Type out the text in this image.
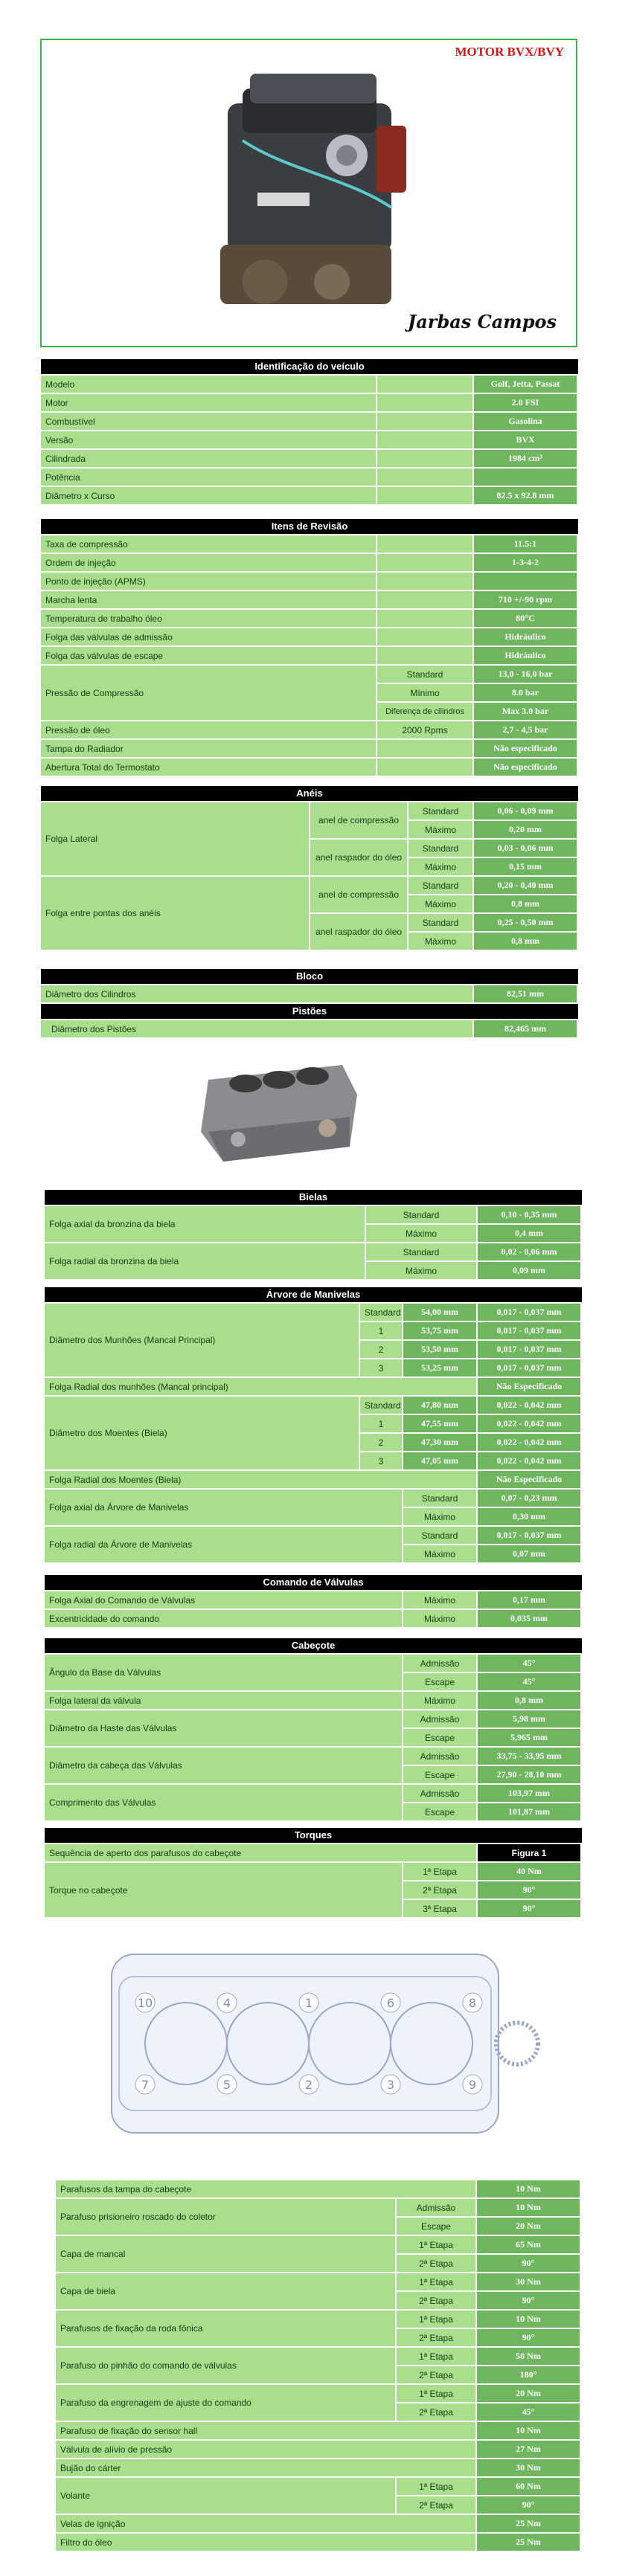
MOTOR BVX/BVY
Jarbas Campos
Identificação do veículo
Modelo		Golf, Jetta, Passat
Motor		2.0 FSI
Combustível		Gasolina
Versão		BVX
Cilindrada		1984 cm³
Potência		
Diâmetro x Curso		82.5 x 92.8 mm
Itens de Revisão
Taxa de compressão		11.5:1
Ordem de injeção		1-3-4-2
Ponto de injeção (APMS)		
Marcha lenta		710 +/-90 rpm
Temperatura de trabalho óleo		80°C
Folga das válvulas de admissão		Hidráulico
Folga das válvulas de escape		Hidráulico
Pressão de Compressão	Standard	13,0 - 16,0 bar
	Mínimo	8.0 bar
	Diferença de cilindros	Max 3.0 bar
Pressão de óleo	2000 Rpms	2,7 - 4,5 bar
Tampa do Radiador		Não especificado
Abertura Total do Termostato		Não especificado
Anéis
Folga Lateral	anel de compressão	Standard	0,06 - 0,09 mm
		Máximo	0,20 mm
	anel raspador do óleo	Standard	0,03 - 0,06 mm
		Máximo	0,15 mm
Folga entre pontas dos anéis	anel de compressão	Standard	0,20 - 0,40 mm
		Máximo	0,8 mm
	anel raspador do óleo	Standard	0,25 - 0,50 mm
		Máximo	0,8 mm
Bloco
Diâmetro dos Cilindros	82,51 mm
Pistões
Diâmetro dos Pistões	82,465 mm
Bielas
Folga axial da bronzina da biela	Standard	0,10 - 0,35 mm
	Máximo	0,4 mm
Folga radial da bronzina da biela	Standard	0,02 - 0,06 mm
	Máximo	0,09 mm
Árvore de Manivelas
Diâmetro dos Munhões (Mancal Principal)	Standard	54,00 mm	0,017 - 0,037 mm
	1	53,75 mm	0,017 - 0,037 mm
	2	53,50 mm	0,017 - 0,037 mm
	3	53,25 mm	0,017 - 0,037 mm
Folga Radial dos munhões (Mancal principal)			Não Especificado
Diâmetro dos Moentes (Biela)	Standard	47,80 mm	0,022 - 0,042 mm
	1	47,55 mm	0,022 - 0,042 mm
	2	47,30 mm	0,022 - 0,042 mm
	3	47,05 mm	0,022 - 0,042 mm
Folga Radial dos Moentes (Biela)			Não Especificado
Folga axial da Árvore de Manivelas		Standard	0,07 - 0,23 mm
		Máximo	0,30 mm
Folga radial da Árvore de Manivelas		Standard	0,017 - 0,037 mm
		Máximo	0,07 mm
Comando de Válvulas
Folga Axial do Comando de Válvulas	Máximo	0,17 mm
Excentricidade do comando	Máximo	0,035 mm
Cabeçote
Ângulo da Base da Válvulas	Admissão	45°
	Escape	45°
Folga lateral da válvula	Máximo	0,8 mm
Diâmetro da Haste das Válvulas	Admissão	5,98 mm
	Escape	5,965 mm
Diâmetro da cabeça das Válvulas	Admissão	33,75 - 33,95 mm
	Escape	27,90 - 28,10 mm
Comprimento das Válvulas	Admissão	103,97 mm
	Escape	101,87 mm
Torques
Sequência de aperto dos parafusos do cabeçote		Figura 1
Torque no cabeçote	1ª Etapa	40 Nm
	2ª Etapa	90°
	3ª Etapa	90°
10	4	1	6	8
7	5	2	3	9
Parafusos da tampa do cabeçote		10 Nm
Parafuso prisioneiro roscado do coletor	Admissão	10 Nm
	Escape	20 Nm
Capa de mancal	1ª Etapa	65 Nm
	2ª Etapa	90°
Capa de biela	1ª Etapa	30 Nm
	2ª Etapa	90°
Parafusos de fixação da roda fônica	1ª Etapa	10 Nm
	2ª Etapa	90°
Parafuso do pinhão do comando de válvulas	1ª Etapa	50 Nm
	2ª Etapa	180°
Parafuso da engrenagem de ajuste do comando	1ª Etapa	20 Nm
	2ª Etapa	45°
Parafuso de fixação do sensor hall		10 Nm
Válvula de alívio de pressão		27 Nm
Bujão do cárter		30 Nm
Volante	1ª Etapa	60 Nm
	2ª Etapa	90°
Velas de ignição		25 Nm
Filtro do óleo		25 Nm
